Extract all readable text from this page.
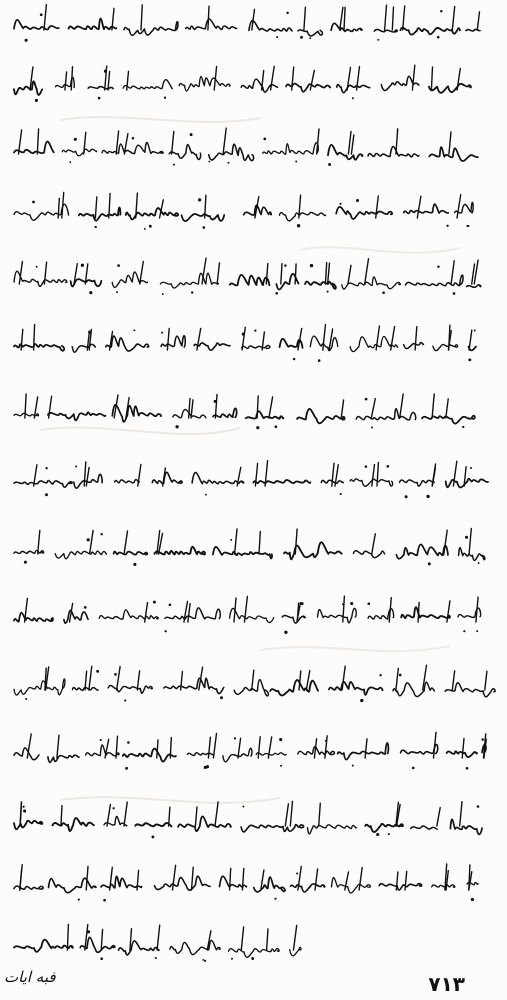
٧١٣
فبه ایات
